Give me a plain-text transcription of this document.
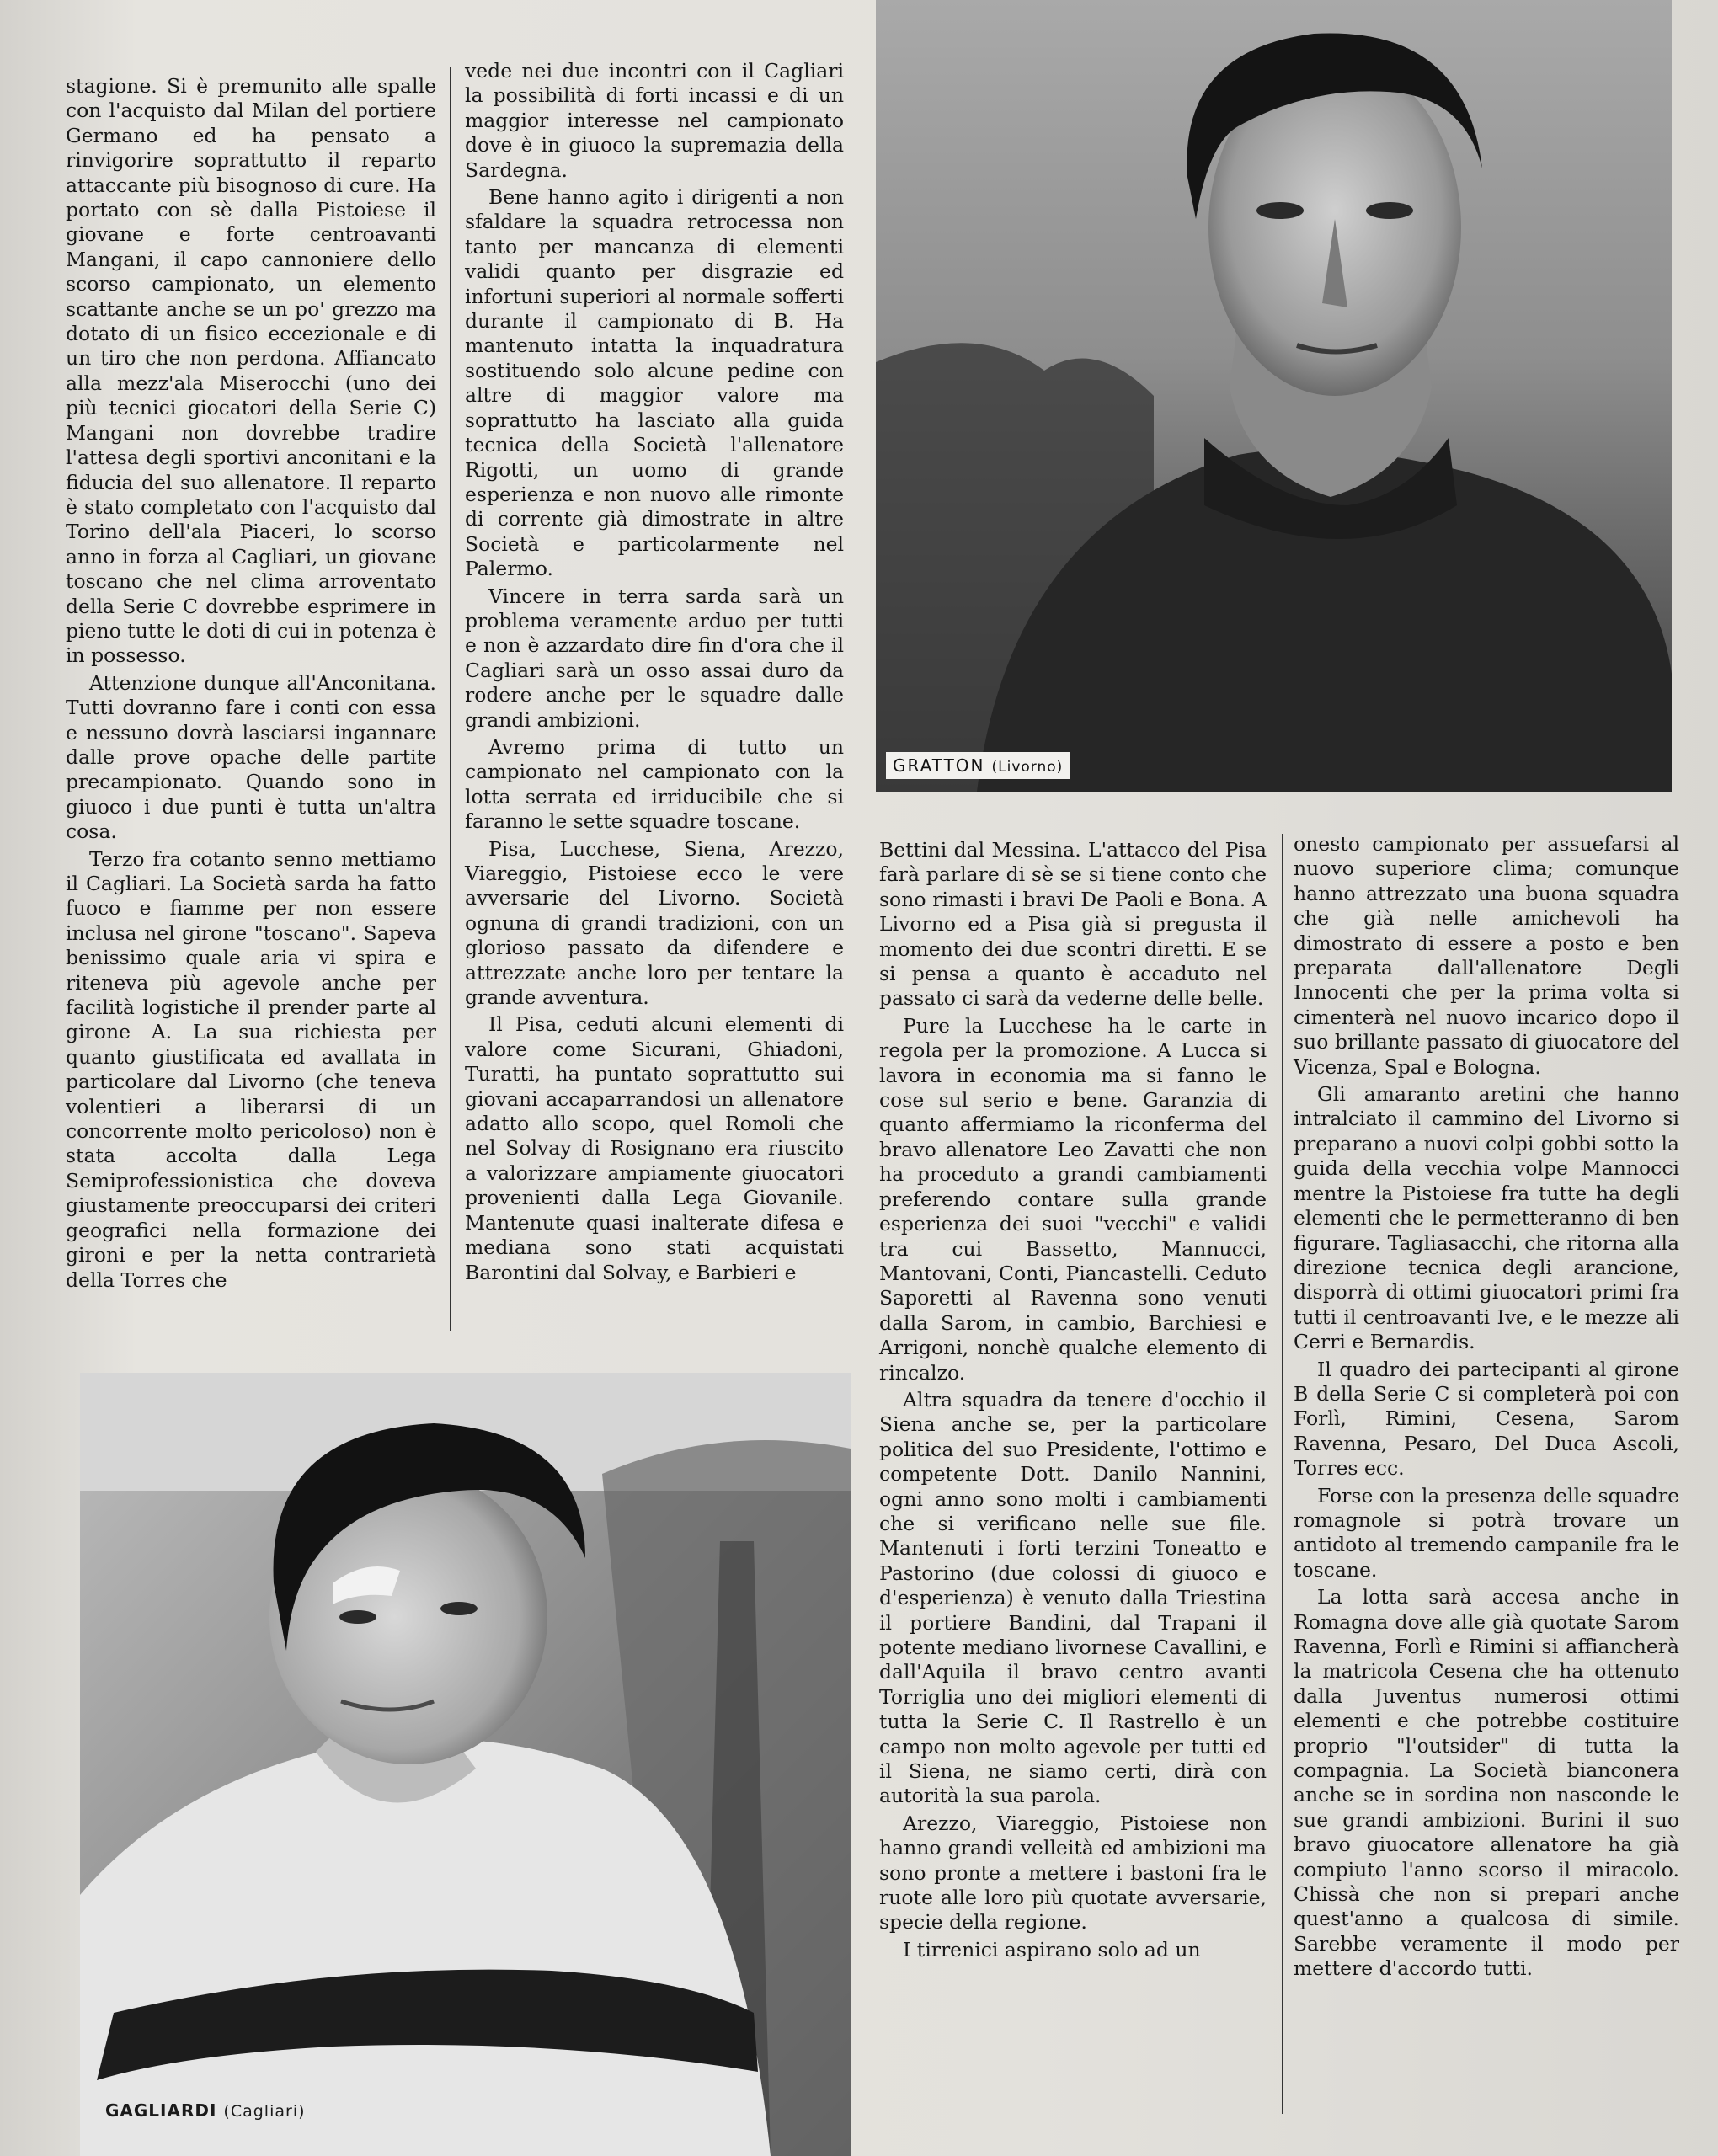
stagione. Si è premunito alle spalle con l'acquisto dal Milan del portiere Germano ed ha pensato a rinvigorire soprattutto il reparto attaccante più bisognoso di cure. Ha portato con sè dalla Pistoiese il giovane e forte centroavanti Mangani, il capo cannoniere dello scorso campionato, un elemento scattante anche se un po' grezzo ma dotato di un fisico eccezionale e di un tiro che non perdona. Affiancato alla mezz'ala Miserocchi (uno dei più tecnici giocatori della Serie C) Mangani non dovrebbe tradire l'attesa degli sportivi anconitani e la fiducia del suo allenatore. Il reparto è stato completato con l'acquisto dal Torino dell'ala Piaceri, lo scorso anno in forza al Cagliari, un giovane toscano che nel clima arroventato della Serie C dovrebbe esprimere in pieno tutte le doti di cui in potenza è in possesso.

Attenzione dunque all'Anconitana. Tutti dovranno fare i conti con essa e nessuno dovrà lasciarsi ingannare dalle prove opache delle partite precampionato. Quando sono in giuoco i due punti è tutta un'altra cosa.

Terzo fra cotanto senno mettiamo il Cagliari. La Società sarda ha fatto fuoco e fiamme per non essere inclusa nel girone "toscano". Sapeva benissimo quale aria vi spira e riteneva più agevole anche per facilità logistiche il prender parte al girone A. La sua richiesta per quanto giustificata ed avallata in particolare dal Livorno (che teneva volentieri a liberarsi di un concorrente molto pericoloso) non è stata accolta dalla Lega Semiprofessionistica che doveva giustamente preoccuparsi dei criteri geografici nella formazione dei gironi e per la netta contrarietà della Torres che

vede nei due incontri con il Cagliari la possibilità di forti incassi e di un maggior interesse nel campionato dove è in giuoco la supremazia della Sardegna.

Bene hanno agito i dirigenti a non sfaldare la squadra retrocessa non tanto per mancanza di elementi validi quanto per disgrazie ed infortuni superiori al normale sofferti durante il campionato di B. Ha mantenuto intatta la inquadratura sostituendo solo alcune pedine con altre di maggior valore ma soprattutto ha lasciato alla guida tecnica della Società l'allenatore Rigotti, un uomo di grande esperienza e non nuovo alle rimonte di corrente già dimostrate in altre Società e particolarmente nel Palermo.

Vincere in terra sarda sarà un problema veramente arduo per tutti e non è azzardato dire fin d'ora che il Cagliari sarà un osso assai duro da rodere anche per le squadre dalle grandi ambizioni.

Avremo prima di tutto un campionato nel campionato con la lotta serrata ed irriducibile che si faranno le sette squadre toscane.

Pisa, Lucchese, Siena, Arezzo, Viareggio, Pistoiese ecco le vere avversarie del Livorno. Società ognuna di grandi tradizioni, con un glorioso passato da difendere e attrezzate anche loro per tentare la grande avventura.

Il Pisa, ceduti alcuni elementi di valore come Sicurani, Ghiadoni, Turatti, ha puntato soprattutto sui giovani accaparrandosi un allenatore adatto allo scopo, quel Romoli che nel Solvay di Rosignano era riuscito a valorizzare ampiamente giuocatori provenienti dalla Lega Giovanile. Mantenute quasi inalterate difesa e mediana sono stati acquistati Barontini dal Solvay, e Barbieri e

GRATTON (Livorno)

Bettini dal Messina. L'attacco del Pisa farà parlare di sè se si tiene conto che sono rimasti i bravi De Paoli e Bona. A Livorno ed a Pisa già si pregusta il momento dei due scontri diretti. E se si pensa a quanto è accaduto nel passato ci sarà da vederne delle belle.

Pure la Lucchese ha le carte in regola per la promozione. A Lucca si lavora in economia ma si fanno le cose sul serio e bene. Garanzia di quanto affermiamo la riconferma del bravo allenatore Leo Zavatti che non ha proceduto a grandi cambiamenti preferendo contare sulla grande esperienza dei suoi "vecchi" e validi tra cui Bassetto, Mannucci, Mantovani, Conti, Piancastelli. Ceduto Saporetti al Ravenna sono venuti dalla Sarom, in cambio, Barchiesi e Arrigoni, nonchè qualche elemento di rincalzo.

Altra squadra da tenere d'occhio il Siena anche se, per la particolare politica del suo Presidente, l'ottimo e competente Dott. Danilo Nannini, ogni anno sono molti i cambiamenti che si verificano nelle sue file. Mantenuti i forti terzini Toneatto e Pastorino (due colossi di giuoco e d'esperienza) è venuto dalla Triestina il portiere Bandini, dal Trapani il potente mediano livornese Cavallini, e dall'Aquila il bravo centro avanti Torriglia uno dei migliori elementi di tutta la Serie C. Il Rastrello è un campo non molto agevole per tutti ed il Siena, ne siamo certi, dirà con autorità la sua parola.

Arezzo, Viareggio, Pistoiese non hanno grandi velleità ed ambizioni ma sono pronte a mettere i bastoni fra le ruote alle loro più quotate avversarie, specie della regione.

I tirrenici aspirano solo ad un

onesto campionato per assuefarsi al nuovo superiore clima; comunque hanno attrezzato una buona squadra che già nelle amichevoli ha dimostrato di essere a posto e ben preparata dall'allenatore Degli Innocenti che per la prima volta si cimenterà nel nuovo incarico dopo il suo brillante passato di giuocatore del Vicenza, Spal e Bologna.

Gli amaranto aretini che hanno intralciato il cammino del Livorno si preparano a nuovi colpi gobbi sotto la guida della vecchia volpe Mannocci mentre la Pistoiese fra tutte ha degli elementi che le permetteranno di ben figurare. Tagliasacchi, che ritorna alla direzione tecnica degli arancione, disporrà di ottimi giuocatori primi fra tutti il centroavanti Ive, e le mezze ali Cerri e Bernardis.

Il quadro dei partecipanti al girone B della Serie C si completerà poi con Forlì, Rimini, Cesena, Sarom Ravenna, Pesaro, Del Duca Ascoli, Torres ecc.

Forse con la presenza delle squadre romagnole si potrà trovare un antidoto al tremendo campanile fra le toscane.

La lotta sarà accesa anche in Romagna dove alle già quotate Sarom Ravenna, Forlì e Rimini si affiancherà la matricola Cesena che ha ottenuto dalla Juventus numerosi ottimi elementi e che potrebbe costituire proprio "l'outsider" di tutta la compagnia. La Società bianconera anche se in sordina non nasconde le sue grandi ambizioni. Burini il suo bravo giuocatore allenatore ha già compiuto l'anno scorso il miracolo. Chissà che non si prepari anche quest'anno a qualcosa di simile. Sarebbe veramente il modo per mettere d'accordo tutti.

GAGLIARDI (Cagliari)
